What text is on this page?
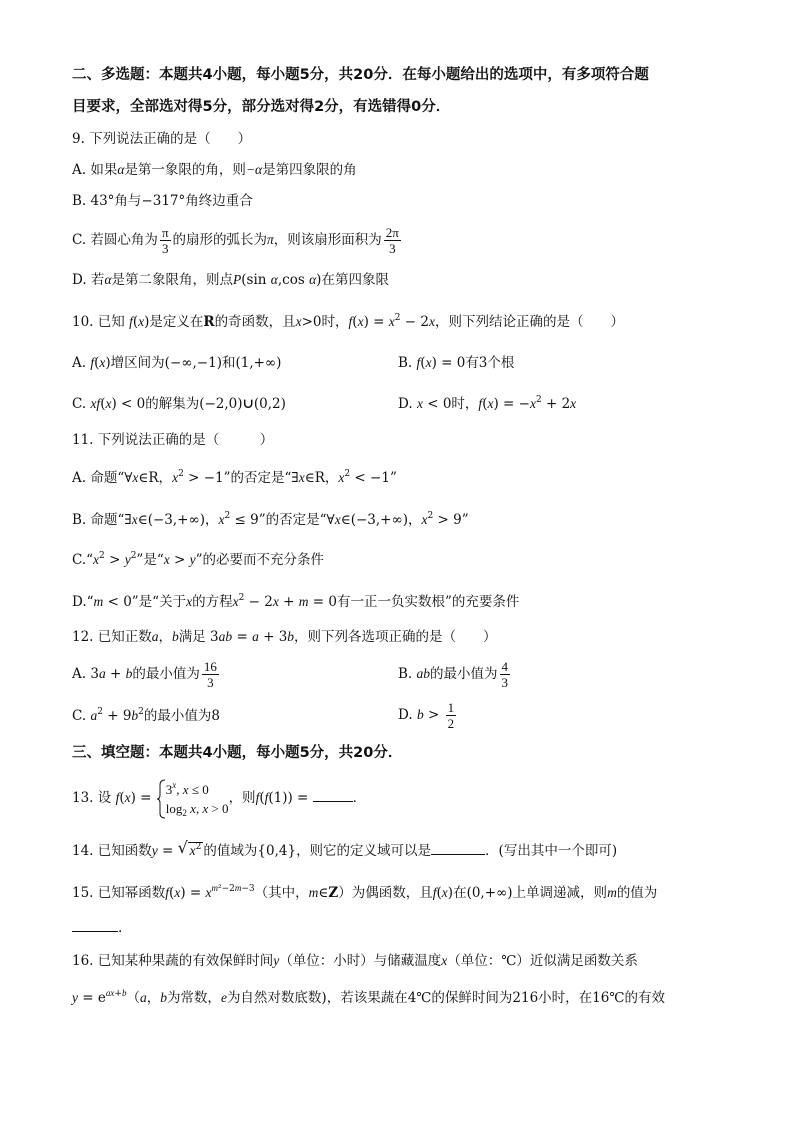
二、多选题：本题共4小题，每小题5分，共20分．在每小题给出的选项中，有多项符合题
目要求，全部选对得5分，部分选对得2分，有选错得0分．
9. 下列说法正确的是（　　）
A. 如果α是第一象限的角，则−α是第四象限的角
B. 43°角与−317°角终边重合
C. 若圆心角为 $\frac{\pi}{3}$ 的扇形的弧长为π，则该扇形面积为 $\frac{2\pi}{3}$
D. 若α是第二象限角，则点P(sin α,cos α)在第四象限
10. 已知 f(x)是定义在R的奇函数，且x>0时，$f(x) = x^2 - 2x$，则下列结论正确的是（　　）
A. f(x)增区间为(−∞,−1)和(1,+∞)	B. f(x) = 0有3个根
C. xf(x) < 0的解集为(−2,0)∪(0,2)	D. x < 0时，$f(x) = -x^2 + 2x$
11. 下列说法正确的是（　　　）
A. 命题“∀x∈R，$x^2 > -1$”的否定是“∃x∈R，$x^2 < -1$”
B. 命题“∃x∈(−3,+∞)，$x^2 \le 9$”的否定是“∀x∈(−3,+∞)，$x^2 > 9$”
$C.“x^2 > y^2$”是“x > y”的必要而不充分条件
D.“m < 0”是“关于x的方程$x^2 - 2x + m = 0$有一正一负实数根”的充要条件
12. 已知正数a，b满足 3ab = a + 3b，则下列各选项正确的是（　　）
A. 3a + b的最小值为 $\frac{16}{3}$	B. ab的最小值为 $\frac{4}{3}$
C. $a^2 + 9b^2$的最小值为8	D. $b > \frac{1}{2}$
三、填空题：本题共4小题，每小题5分，共20分．
13. 设 f(x) =
3$^x$, x ≤ 0
$\log_2 x$, x > 0
，则f(f(1)) =	．
14. 已知函数y = √ $x^2$ 的值域为{0,4}，则它的定义域可以是	．(写出其中一个即可)
15. 已知幂函数$f(x) = x^{m^2-2m-3}$（其中，m∈Z）为偶函数，且f(x)在(0,+∞)上单调递减，则m的值为
.
16. 已知某种果蔬的有效保鲜时间y（单位：小时）与储藏温度x（单位：℃）近似满足函数关系
$y = e^{ax+b}(a$，b为常数，e为自然对数底数)，若该果蔬在4℃的保鲜时间为216小时，在16℃的有效
